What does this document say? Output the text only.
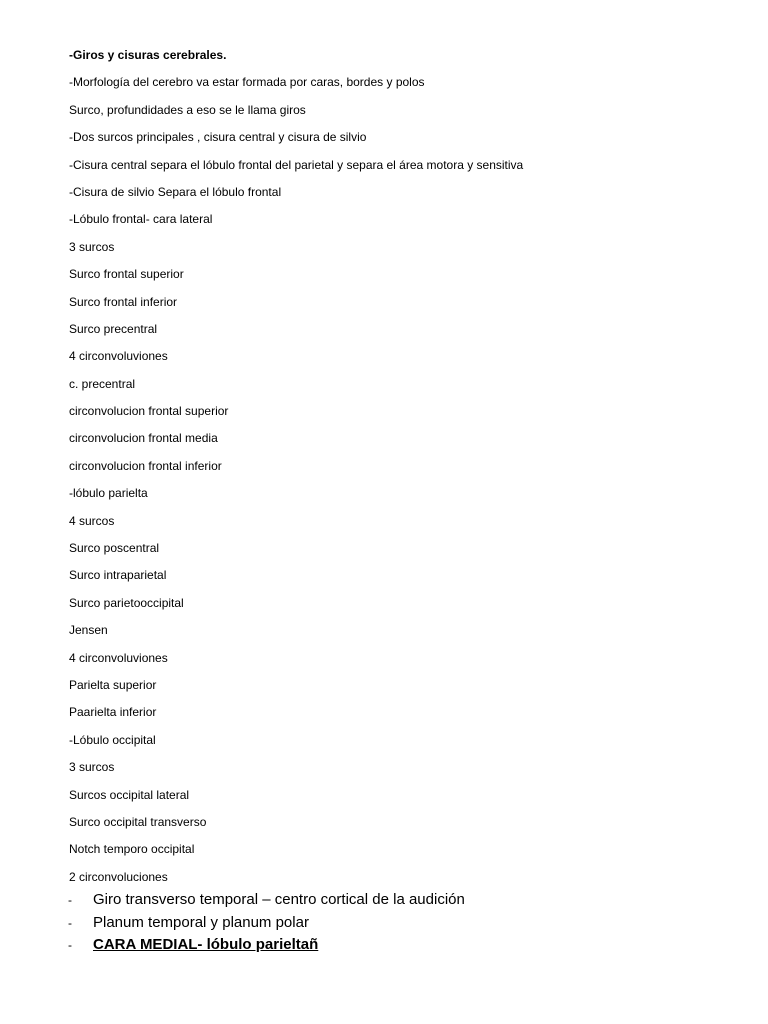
-Giros y cisuras cerebrales.
-Morfología del cerebro va estar formada por caras, bordes y polos
Surco, profundidades a eso se le llama giros
-Dos surcos principales , cisura central y cisura de silvio
-Cisura central separa el lóbulo frontal del parietal y separa el área motora y sensitiva
-Cisura de silvio Separa el lóbulo frontal
-Lóbulo frontal- cara lateral
3 surcos
Surco frontal superior
Surco frontal inferior
Surco precentral
4 circonvoluviones
c. precentral
circonvolucion frontal superior
circonvolucion frontal media
circonvolucion frontal inferior
-lóbulo parielta
4 surcos
Surco poscentral
Surco intraparietal
Surco parietooccipital
Jensen
4 circonvoluviones
Parielta superior
Paarielta inferior
-Lóbulo occipital
3 surcos
Surcos occipital lateral
Surco occipital transverso
Notch temporo occipital
2 circonvoluciones
-	Giro transverso temporal – centro cortical de la audición
-	Planum temporal y planum polar
-	CARA MEDIAL- lóbulo parieltañ
